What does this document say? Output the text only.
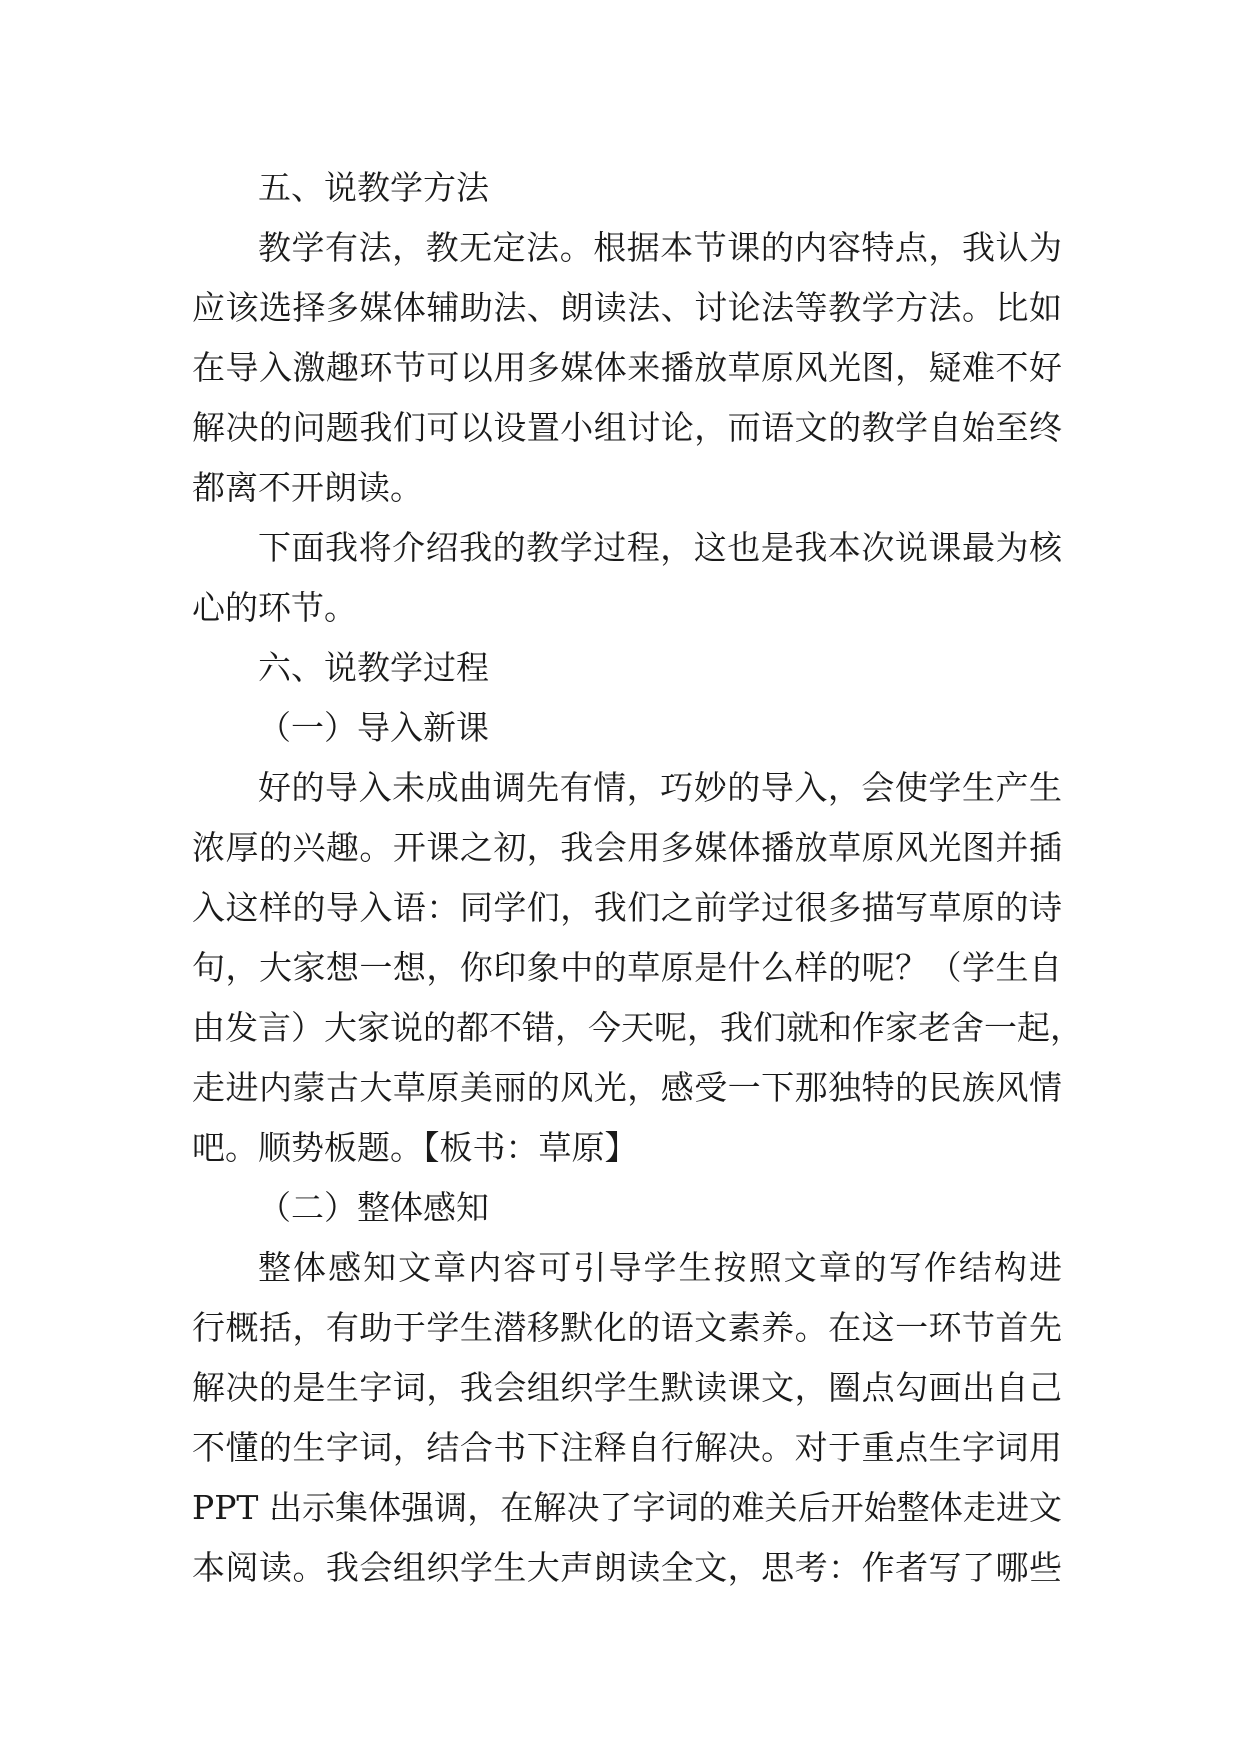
五、说教学方法
教学有法，教无定法。根据本节课的内容特点，我认为
应该选择多媒体辅助法、朗读法、讨论法等教学方法。比如
在导入激趣环节可以用多媒体来播放草原风光图，疑难不好
解决的问题我们可以设置小组讨论，而语文的教学自始至终
都离不开朗读。
下面我将介绍我的教学过程，这也是我本次说课最为核
心的环节。
六、说教学过程
（一）导入新课
好的导入未成曲调先有情，巧妙的导入，会使学生产生
浓厚的兴趣。开课之初，我会用多媒体播放草原风光图并插
入这样的导入语：同学们，我们之前学过很多描写草原的诗
句，大家想一想，你印象中的草原是什么样的呢？（学生自
由发言）大家说的都不错，今天呢，我们就和作家老舍一起，
走进内蒙古大草原美丽的风光，感受一下那独特的民族风情
吧。顺势板题。【板书：草原】
（二）整体感知
整体感知文章内容可引导学生按照文章的写作结构进
行概括，有助于学生潜移默化的语文素养。在这一环节首先
解决的是生字词，我会组织学生默读课文，圈点勾画出自己
不懂的生字词，结合书下注释自行解决。对于重点生字词用
PPT 出示集体强调，在解决了字词的难关后开始整体走进文
本阅读。我会组织学生大声朗读全文，思考：作者写了哪些
